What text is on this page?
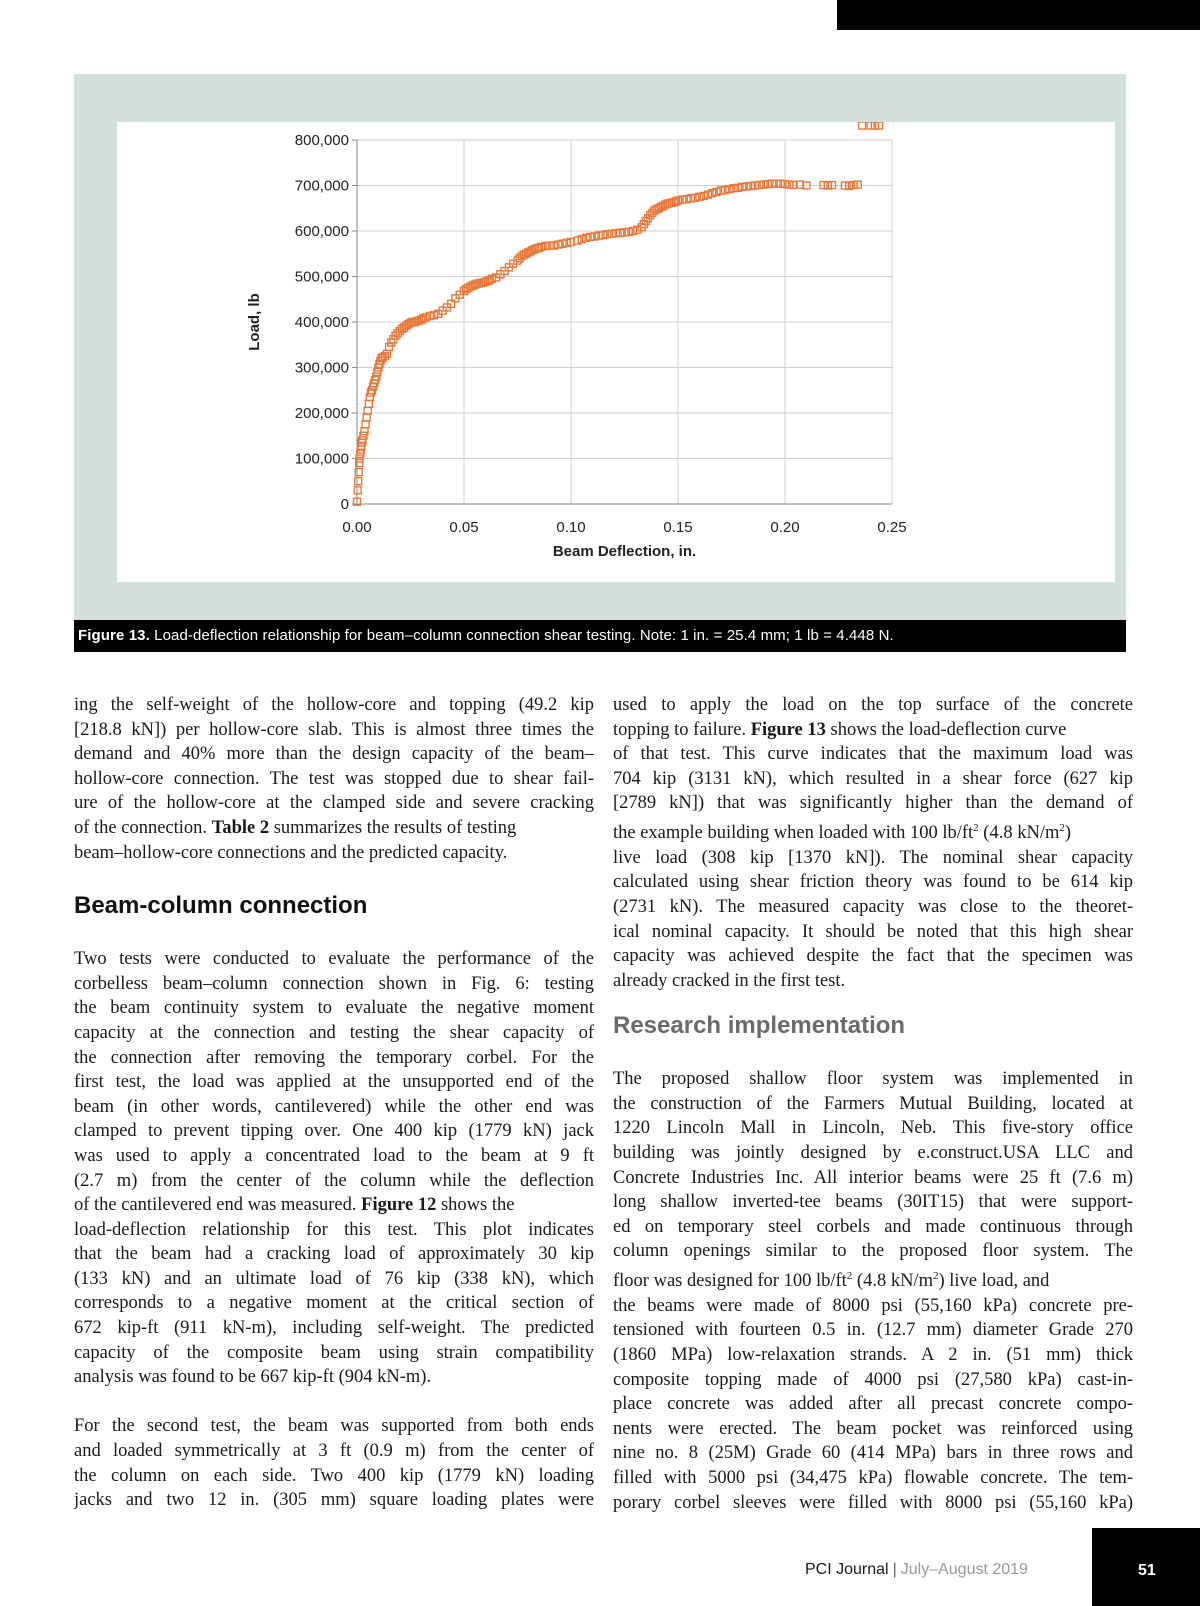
0.00	0.05	0.10	0.15	0.20	0.25
0
100,000
200,000
300,000
400,000
500,000
600,000
700,000
800,000
Beam Deflection, in.
Load, lb
Figure 13. Load-deflection relationship for beam–column connection shear testing. Note: 1 in. = 25.4 mm; 1 lb = 4.448 N.

ing the self-weight of the hollow-core and topping (49.2 kip
[218.8 kN]) per hollow-core slab. This is almost three times the
demand and 40% more than the design capacity of the beam–
hollow-core connection. The test was stopped due to shear fail-
ure of the hollow-core at the clamped side and severe cracking
of the connection. Table 2 summarizes the results of testing
beam–hollow-core connections and the predicted capacity.

Beam-column connection

Two tests were conducted to evaluate the performance of the
corbelless beam–column connection shown in Fig. 6: testing
the beam continuity system to evaluate the negative moment
capacity at the connection and testing the shear capacity of
the connection after removing the temporary corbel. For the
first test, the load was applied at the unsupported end of the
beam (in other words, cantilevered) while the other end was
clamped to prevent tipping over. One 400 kip (1779 kN) jack
was used to apply a concentrated load to the beam at 9 ft
(2.7 m) from the center of the column while the deflection
of the cantilevered end was measured. Figure 12 shows the
load-deflection relationship for this test. This plot indicates
that the beam had a cracking load of approximately 30 kip
(133 kN) and an ultimate load of 76 kip (338 kN), which
corresponds to a negative moment at the critical section of
672 kip-ft (911 kN-m), including self-weight. The predicted
capacity of the composite beam using strain compatibility
analysis was found to be 667 kip-ft (904 kN-m).

For the second test, the beam was supported from both ends
and loaded symmetrically at 3 ft (0.9 m) from the center of
the column on each side. Two 400 kip (1779 kN) loading
jacks and two 12 in. (305 mm) square loading plates were

used to apply the load on the top surface of the concrete
topping to failure. Figure 13 shows the load-deflection curve
of that test. This curve indicates that the maximum load was
704 kip (3131 kN), which resulted in a shear force (627 kip
[2789 kN]) that was significantly higher than the demand of
the example building when loaded with 100 $lb/ft^2$ (4.8 $kN/m^2$)
live load (308 kip [1370 kN]). The nominal shear capacity
calculated using shear friction theory was found to be 614 kip
(2731 kN). The measured capacity was close to the theoret-
ical nominal capacity. It should be noted that this high shear
capacity was achieved despite the fact that the specimen was
already cracked in the first test.

Research implementation

The proposed shallow floor system was implemented in
the construction of the Farmers Mutual Building, located at
1220 Lincoln Mall in Lincoln, Neb. This five-story office
building was jointly designed by e.construct.USA LLC and
Concrete Industries Inc. All interior beams were 25 ft (7.6 m)
long shallow inverted-tee beams (30IT15) that were support-
ed on temporary steel corbels and made continuous through
column openings similar to the proposed floor system. The
floor was designed for 100 $lb/ft^2$ (4.8 $kN/m^2$) live load, and
the beams were made of 8000 psi (55,160 kPa) concrete pre-
tensioned with fourteen 0.5 in. (12.7 mm) diameter Grade 270
(1860 MPa) low-relaxation strands. A 2 in. (51 mm) thick
composite topping made of 4000 psi (27,580 kPa) cast-in-
place concrete was added after all precast concrete compo-
nents were erected. The beam pocket was reinforced using
nine no. 8 (25M) Grade 60 (414 MPa) bars in three rows and
filled with 5000 psi (34,475 kPa) flowable concrete. The tem-
porary corbel sleeves were filled with 8000 psi (55,160 kPa)

PCI Journal | July–August 2019	51
